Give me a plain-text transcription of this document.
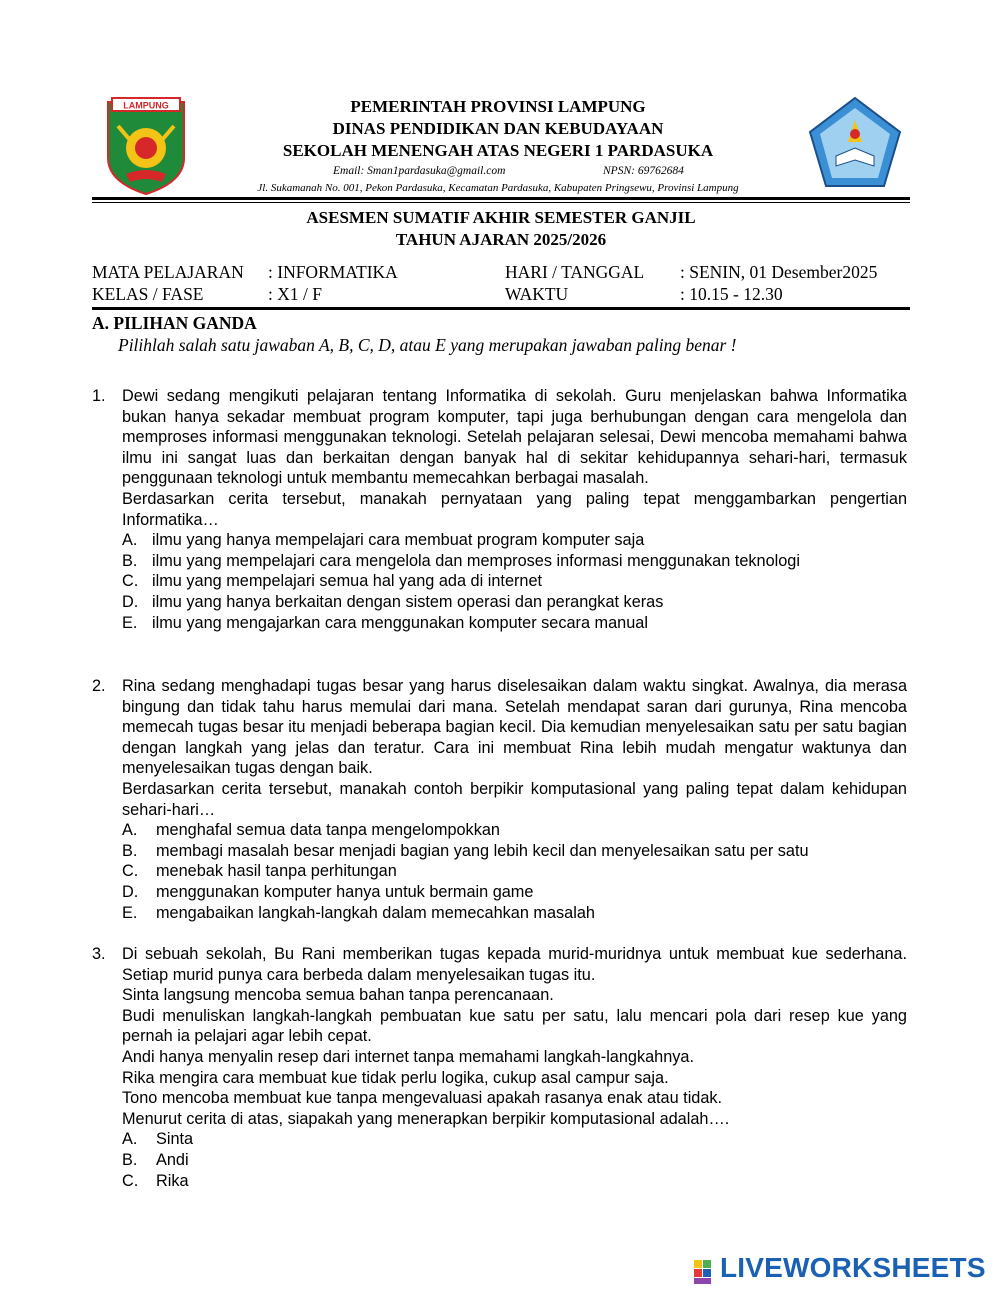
LAMPUNG	PEMERINTAH PROVINSI LAMPUNG
DINAS PENDIDIKAN DAN KEBUDAYAAN
SEKOLAH MENENGAH ATAS NEGERI 1 PARDASUKA
Email: Sman1pardasuka@gmail.com	NPSN: 69762684
Jl. Sukamanah No. 001, Pekon Pardasuka, Kecamatan Pardasuka, Kabupaten Pringsewu, Provinsi Lampung
ASESMEN SUMATIF AKHIR SEMESTER GANJIL
TAHUN AJARAN 2025/2026
MATA PELAJARAN : INFORMATIKA	HARI / TANGGAL : SENIN, 01 Desember2025
KELAS / FASE	: X1 / F	WAKTU	: 10.15 - 12.30
A. PILIHAN GANDA
Pilihlah salah satu jawaban A, B, C, D, atau E yang merupakan jawaban paling benar !
1. Dewi sedang mengikuti pelajaran tentang Informatika di sekolah. Guru menjelaskan bahwa Informatika bukan hanya sekadar membuat program komputer, tapi juga berhubungan dengan cara mengelola dan memproses informasi menggunakan teknologi. Setelah pelajaran selesai, Dewi mencoba memahami bahwa ilmu ini sangat luas dan berkaitan dengan banyak hal di sekitar kehidupannya sehari-hari, termasuk penggunaan teknologi untuk membantu memecahkan berbagai masalah.

Berdasarkan cerita tersebut, manakah pernyataan yang paling tepat menggambarkan pengertian Informatika…

A. ilmu yang hanya mempelajari cara membuat program komputer saja
B. ilmu yang mempelajari cara mengelola dan memproses informasi menggunakan teknologi
C. ilmu yang mempelajari semua hal yang ada di internet
D. ilmu yang hanya berkaitan dengan sistem operasi dan perangkat keras
E. ilmu yang mengajarkan cara menggunakan komputer secara manual
2. Rina sedang menghadapi tugas besar yang harus diselesaikan dalam waktu singkat. Awalnya, dia merasa bingung dan tidak tahu harus memulai dari mana. Setelah mendapat saran dari gurunya, Rina mencoba memecah tugas besar itu menjadi beberapa bagian kecil. Dia kemudian menyelesaikan satu per satu bagian dengan langkah yang jelas dan teratur. Cara ini membuat Rina lebih mudah mengatur waktunya dan menyelesaikan tugas dengan baik.

Berdasarkan cerita tersebut, manakah contoh berpikir komputasional yang paling tepat dalam kehidupan sehari-hari…

A.	menghafal semua data tanpa mengelompokkan
B.	membagi masalah besar menjadi bagian yang lebih kecil dan menyelesaikan satu per satu
C.	menebak hasil tanpa perhitungan
D.	menggunakan komputer hanya untuk bermain game
E.	mengabaikan langkah-langkah dalam memecahkan masalah
3. Di sebuah sekolah, Bu Rani memberikan tugas kepada murid-muridnya untuk membuat kue sederhana. Setiap murid punya cara berbeda dalam menyelesaikan tugas itu.

Sinta langsung mencoba semua bahan tanpa perencanaan.

Budi menuliskan langkah-langkah pembuatan kue satu per satu, lalu mencari pola dari resep kue yang pernah ia pelajari agar lebih cepat.

Andi hanya menyalin resep dari internet tanpa memahami langkah-langkahnya.

Rika mengira cara membuat kue tidak perlu logika, cukup asal campur saja.

Tono mencoba membuat kue tanpa mengevaluasi apakah rasanya enak atau tidak.

Menurut cerita di atas, siapakah yang menerapkan berpikir komputasional adalah….

A.	Sinta
B.	Andi
C.	Rika
LIVEWORKSHEETS
